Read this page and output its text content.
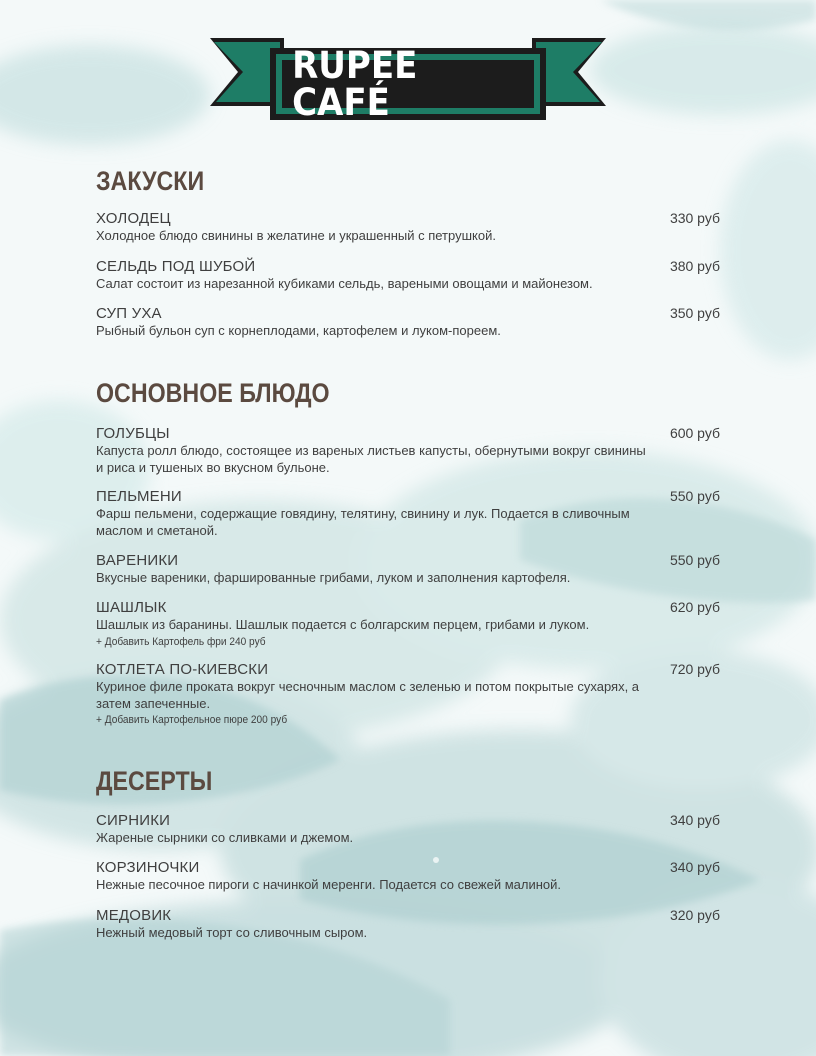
RUPEE CAFÉ
ЗАКУСКИ
ХОЛОДЕЦ	330 руб
Холодное блюдо свинины в желатине и украшенный с петрушкой.
СЕЛЬДЬ ПОД ШУБОЙ	380 руб
Салат состоит из нарезанной кубиками сельдь, вареными овощами и майонезом.
СУП УХА	350 руб
Рыбный бульон суп с корнеплодами, картофелем и луком-пореем.
ОСНОВНОЕ БЛЮДО
ГОЛУБЦЫ	600 руб
Капуста ролл блюдо, состоящее из вареных листьев капусты, обернутыми вокруг свинины и риса и тушеных во вкусном бульоне.
ПЕЛЬМЕНИ	550 руб
Фарш пельмени, содержащие говядину, телятину, свинину и лук. Подается в сливочным маслом и сметаной.
ВАРЕНИКИ	550 руб
Вкусные вареники, фаршированные грибами, луком и заполнения картофеля.
ШАШЛЫК	620 руб
Шашлык из баранины. Шашлык подается с болгарским перцем, грибами и луком.
+ Добавить Картофель фри 240 руб
КОТЛЕТА ПО-КИЕВСКИ	720 руб
Куриное филе проката вокруг чесночным маслом с зеленью и потом покрытые сухарях, а затем запеченные.
+ Добавить Картофельное пюре 200 руб
ДЕСЕРТЫ
СИРНИКИ	340 руб
Жареные сырники со сливками и джемом.
КОРЗИНОЧКИ	340 руб
Нежные песочное пироги с начинкой меренги. Подается со свежей малиной.
МЕДОВИК	320 руб
Нежный медовый торт со сливочным сыром.
